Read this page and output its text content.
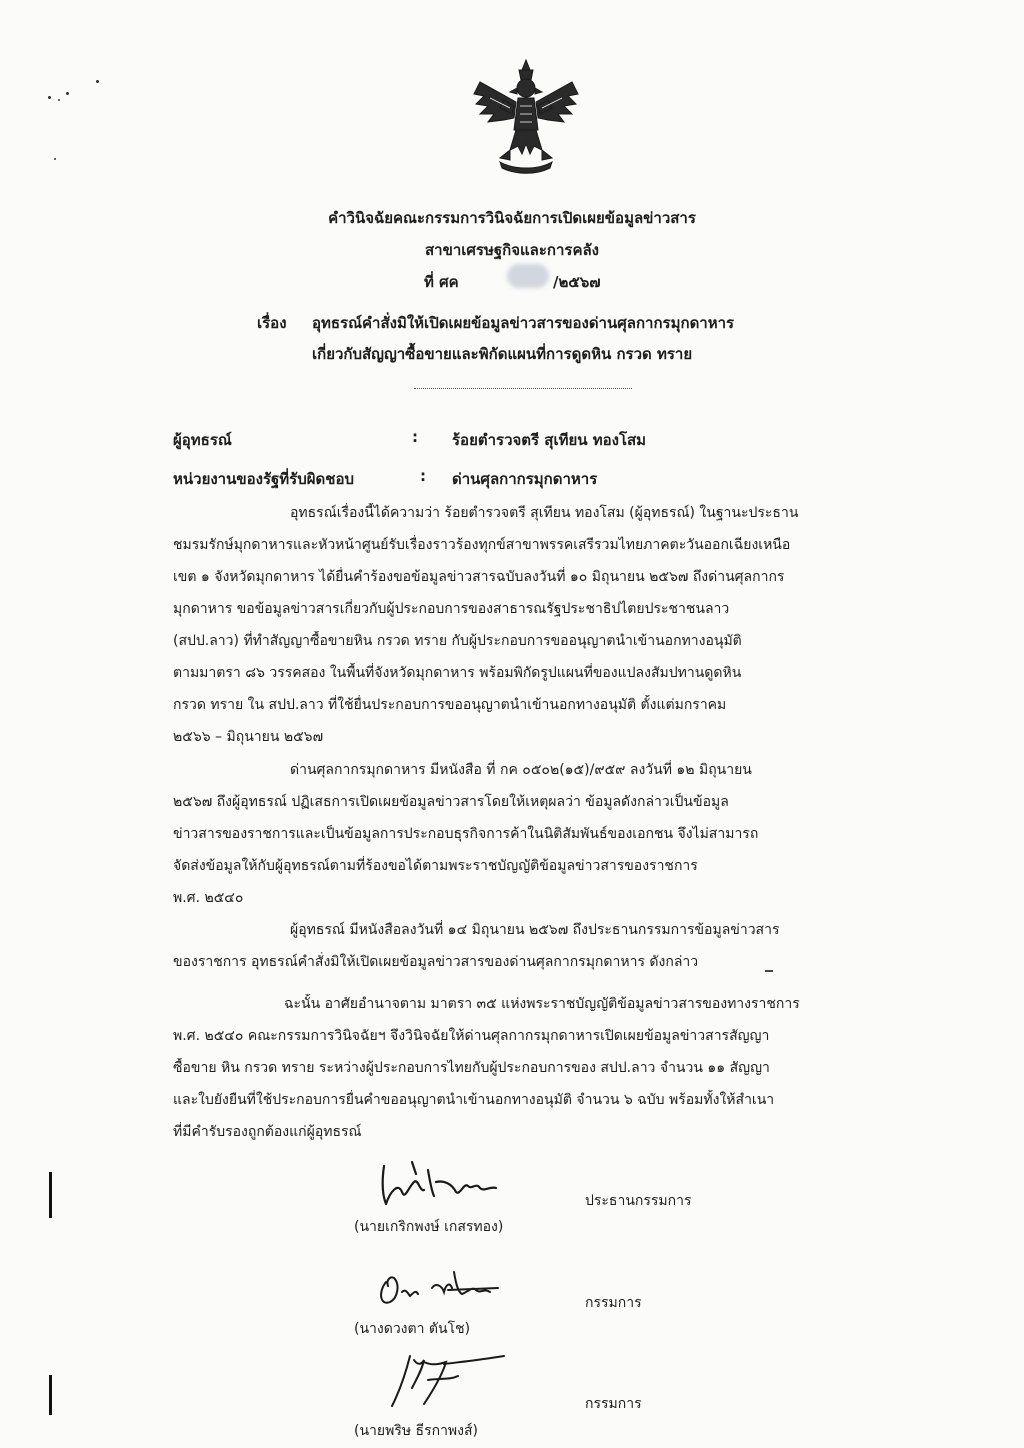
คำวินิจฉัยคณะกรรมการวินิจฉัยการเปิดเผยข้อมูลข่าวสาร
สาขาเศรษฐกิจและการคลัง
ที่ ศค	/๒๕๖๗
เรื่อง อุทธรณ์คำสั่งมิให้เปิดเผยข้อมูลข่าวสารของด่านศุลกากรมุกดาหาร
เกี่ยวกับสัญญาซื้อขายและพิกัดแผนที่การดูดหิน กรวด ทราย
ผู้อุทธรณ์	: ร้อยตำรวจตรี สุเทียน ทองโสม
หน่วยงานของรัฐที่รับผิดชอบ	: ด่านศุลกากรมุกดาหาร
อุทธรณ์เรื่องนี้ได้ความว่า ร้อยตำรวจตรี สุเทียน ทองโสม (ผู้อุทธรณ์) ในฐานะประธาน
ชมรมรักษ์มุกดาหารและหัวหน้าศูนย์รับเรื่องราวร้องทุกข์สาขาพรรคเสรีรวมไทยภาคตะวันออกเฉียงเหนือ
เขต ๑ จังหวัดมุกดาหาร ได้ยื่นคำร้องขอข้อมูลข่าวสารฉบับลงวันที่ ๑๐ มิถุนายน ๒๕๖๗ ถึงด่านศุลกากร
มุกดาหาร ขอข้อมูลข่าวสารเกี่ยวกับผู้ประกอบการของสาธารณรัฐประชาธิปไตยประชาชนลาว
(สปป.ลาว) ที่ทำสัญญาซื้อขายหิน กรวด ทราย กับผู้ประกอบการขออนุญาตนำเข้านอกทางอนุมัติ
ตามมาตรา ๘๖ วรรคสอง ในพื้นที่จังหวัดมุกดาหาร พร้อมพิกัดรูปแผนที่ของแปลงสัมปทานดูดหิน
กรวด ทราย ใน สปป.ลาว ที่ใช้ยื่นประกอบการขออนุญาตนำเข้านอกทางอนุมัติ ตั้งแต่มกราคม
๒๕๖๖ – มิถุนายน ๒๕๖๗
ด่านศุลกากรมุกดาหาร มีหนังสือ ที่ กค ๐๕๐๒(๑๕)/๙๕๙ ลงวันที่ ๑๒ มิถุนายน
๒๕๖๗ ถึงผู้อุทธรณ์ ปฏิเสธการเปิดเผยข้อมูลข่าวสารโดยให้เหตุผลว่า ข้อมูลดังกล่าวเป็นข้อมูล
ข่าวสารของราชการและเป็นข้อมูลการประกอบธุรกิจการค้าในนิติสัมพันธ์ของเอกชน จึงไม่สามารถ
จัดส่งข้อมูลให้กับผู้อุทธรณ์ตามที่ร้องขอได้ตามพระราชบัญญัติข้อมูลข่าวสารของราชการ
พ.ศ. ๒๕๔๐
ผู้อุทธรณ์ มีหนังสือลงวันที่ ๑๔ มิถุนายน ๒๕๖๗ ถึงประธานกรรมการข้อมูลข่าวสาร
ของราชการ อุทธรณ์คำสั่งมิให้เปิดเผยข้อมูลข่าวสารของด่านศุลกากรมุกดาหาร ดังกล่าว
ฉะนั้น อาศัยอำนาจตาม มาตรา ๓๕ แห่งพระราชบัญญัติข้อมูลข่าวสารของทางราชการ
พ.ศ. ๒๕๔๐ คณะกรรมการวินิจฉัยฯ จึงวินิจฉัยให้ด่านศุลกากรมุกดาหารเปิดเผยข้อมูลข่าวสารสัญญา
ซื้อขาย หิน กรวด ทราย ระหว่างผู้ประกอบการไทยกับผู้ประกอบการของ สปป.ลาว จำนวน ๑๑ สัญญา
และใบยังยืนที่ใช้ประกอบการยื่นคำขออนุญาตนำเข้านอกทางอนุมัติ จำนวน ๖ ฉบับ พร้อมทั้งให้สำเนา
ที่มีคำรับรองถูกต้องแก่ผู้อุทธรณ์
(นายเกริกพงษ์ เกสรทอง)
ประธานกรรมการ
(นางดวงตา ตันโช)
กรรมการ
(นายพริษ ธีรกาพงส์)
กรรมการ
